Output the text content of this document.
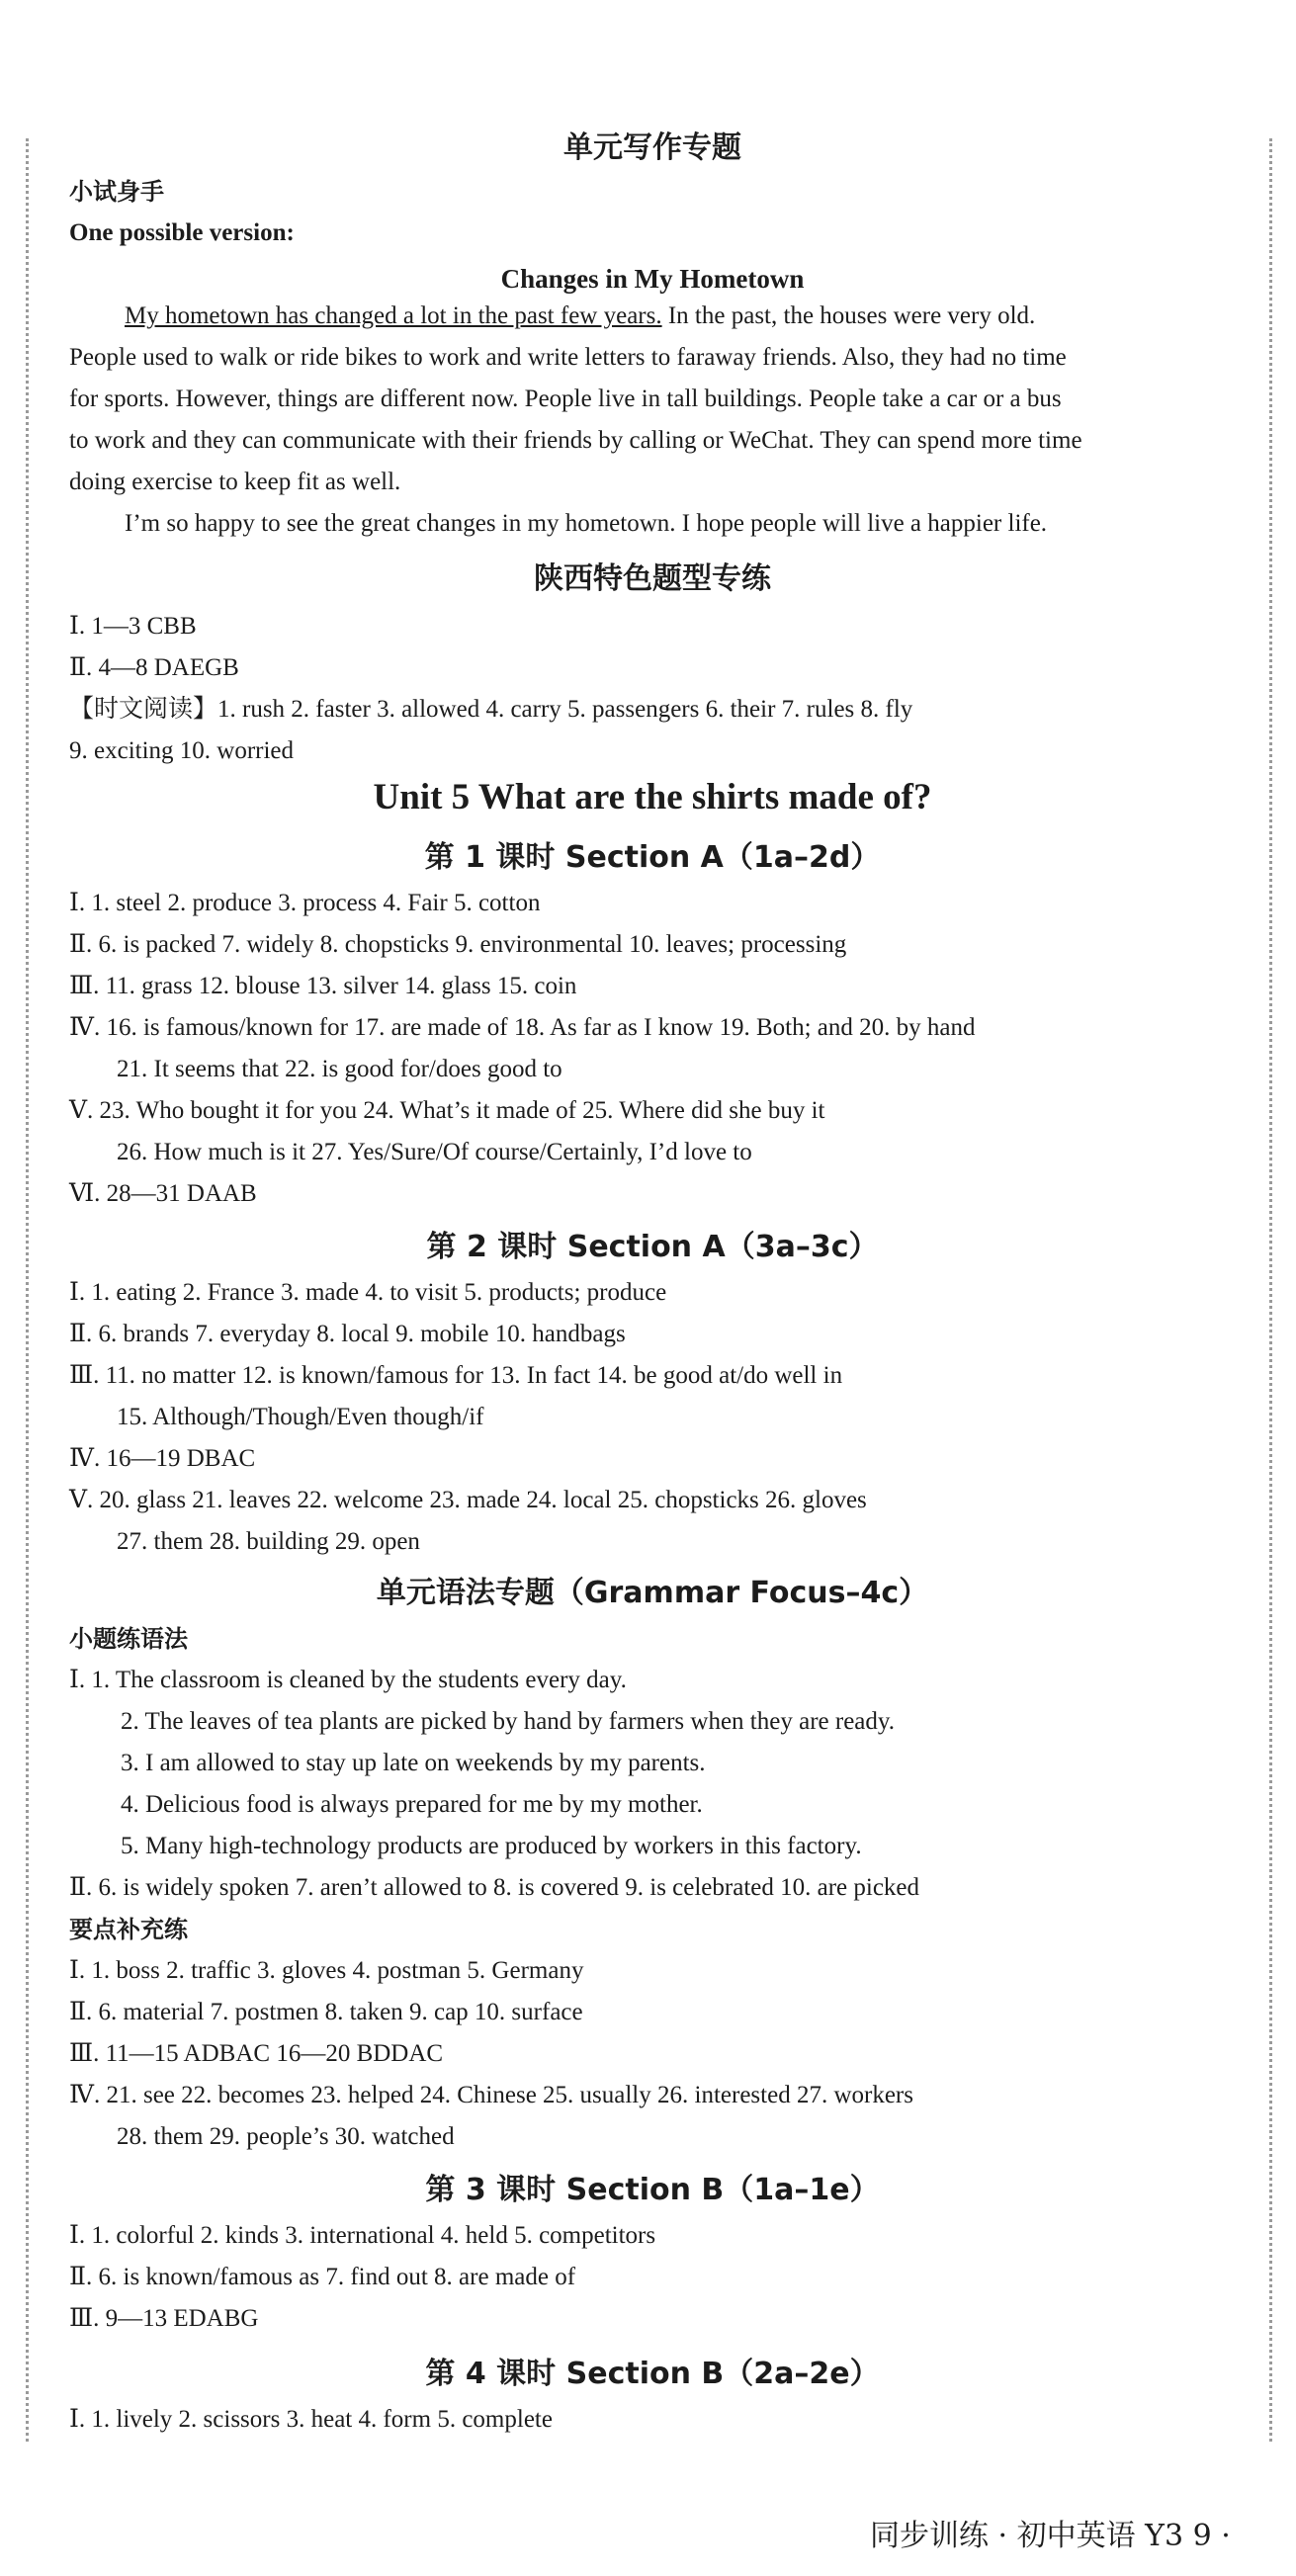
单元写作专题
小试身手
One possible version:
Changes in My Hometown
My hometown has changed a lot in the past few years. In the past, the houses were very old.
People used to walk or ride bikes to work and write letters to faraway friends. Also, they had no time
for sports. However, things are different now. People live in tall buildings. People take a car or a bus
to work and they can communicate with their friends by calling or WeChat. They can spend more time
doing exercise to keep fit as well.
I’m so happy to see the great changes in my hometown. I hope people will live a happier life.
陕西特色题型专练
Ⅰ. 1—3 CBB
Ⅱ. 4—8 DAEGB
【时文阅读】1. rush 2. faster 3. allowed 4. carry 5. passengers 6. their 7. rules 8. fly
9. exciting 10. worried
Unit 5 What are the shirts made of?
第 1 课时 Section A（1a–2d）
Ⅰ. 1. steel 2. produce 3. process 4. Fair 5. cotton
Ⅱ. 6. is packed 7. widely 8. chopsticks 9. environmental 10. leaves; processing
Ⅲ. 11. grass 12. blouse 13. silver 14. glass 15. coin
Ⅳ. 16. is famous/known for 17. are made of 18. As far as I know 19. Both; and 20. by hand
21. It seems that 22. is good for/does good to
Ⅴ. 23. Who bought it for you 24. What’s it made of 25. Where did she buy it
26. How much is it 27. Yes/Sure/Of course/Certainly, I’d love to
Ⅵ. 28—31 DAAB
第 2 课时 Section A（3a–3c）
Ⅰ. 1. eating 2. France 3. made 4. to visit 5. products; produce
Ⅱ. 6. brands 7. everyday 8. local 9. mobile 10. handbags
Ⅲ. 11. no matter 12. is known/famous for 13. In fact 14. be good at/do well in
15. Although/Though/Even though/if
Ⅳ. 16—19 DBAC
Ⅴ. 20. glass 21. leaves 22. welcome 23. made 24. local 25. chopsticks 26. gloves
27. them 28. building 29. open
单元语法专题（Grammar Focus–4c）
小题练语法
Ⅰ. 1. The classroom is cleaned by the students every day.
2. The leaves of tea plants are picked by hand by farmers when they are ready.
3. I am allowed to stay up late on weekends by my parents.
4. Delicious food is always prepared for me by my mother.
5. Many high-technology products are produced by workers in this factory.
Ⅱ. 6. is widely spoken 7. aren’t allowed to 8. is covered 9. is celebrated 10. are picked
要点补充练
Ⅰ. 1. boss 2. traffic 3. gloves 4. postman 5. Germany
Ⅱ. 6. material 7. postmen 8. taken 9. cap 10. surface
Ⅲ. 11—15 ADBAC 16—20 BDDAC
Ⅳ. 21. see 22. becomes 23. helped 24. Chinese 25. usually 26. interested 27. workers
28. them 29. people’s 30. watched
第 3 课时 Section B（1a–1e）
Ⅰ. 1. colorful 2. kinds 3. international 4. held 5. competitors
Ⅱ. 6. is known/famous as 7. find out 8. are made of
Ⅲ. 9—13 EDABG
第 4 课时 Section B（2a–2e）
Ⅰ. 1. lively 2. scissors 3. heat 4. form 5. complete
同步训练 · 初中英语 Y3 9 ·
